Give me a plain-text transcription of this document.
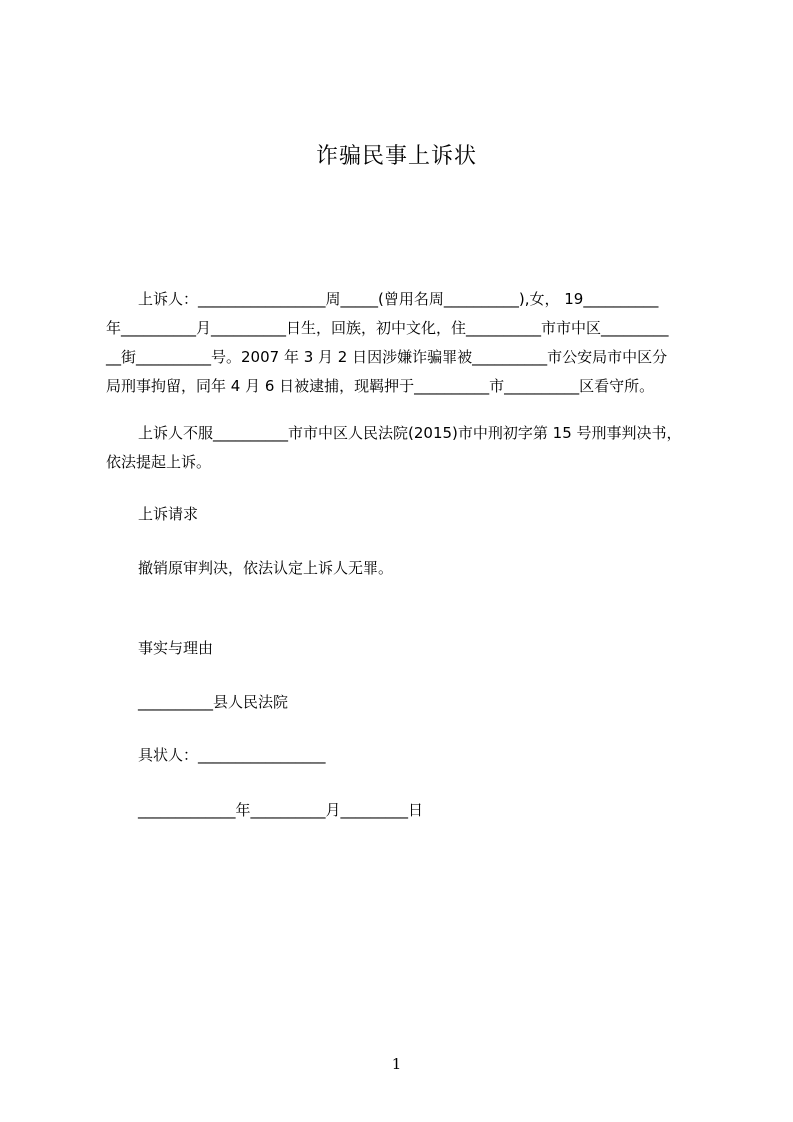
诈骗民事上诉状
上诉人：_________________周_____(曾用名周__________),女， 19__________
年__________月__________日生，回族，初中文化，住__________市市中区_________
__街__________号。2007 年 3 月 2 日因涉嫌诈骗罪被__________市公安局市中区分
局刑事拘留，同年 4 月 6 日被逮捕，现羁押于__________市__________区看守所。
上诉人不服__________市市中区人民法院(2015)市中刑初字第 15 号刑事判决书，
依法提起上诉。
上诉请求
撤销原审判决，依法认定上诉人无罪。
事实与理由
__________县人民法院
具状人：_________________
_____________年__________月_________日
1
